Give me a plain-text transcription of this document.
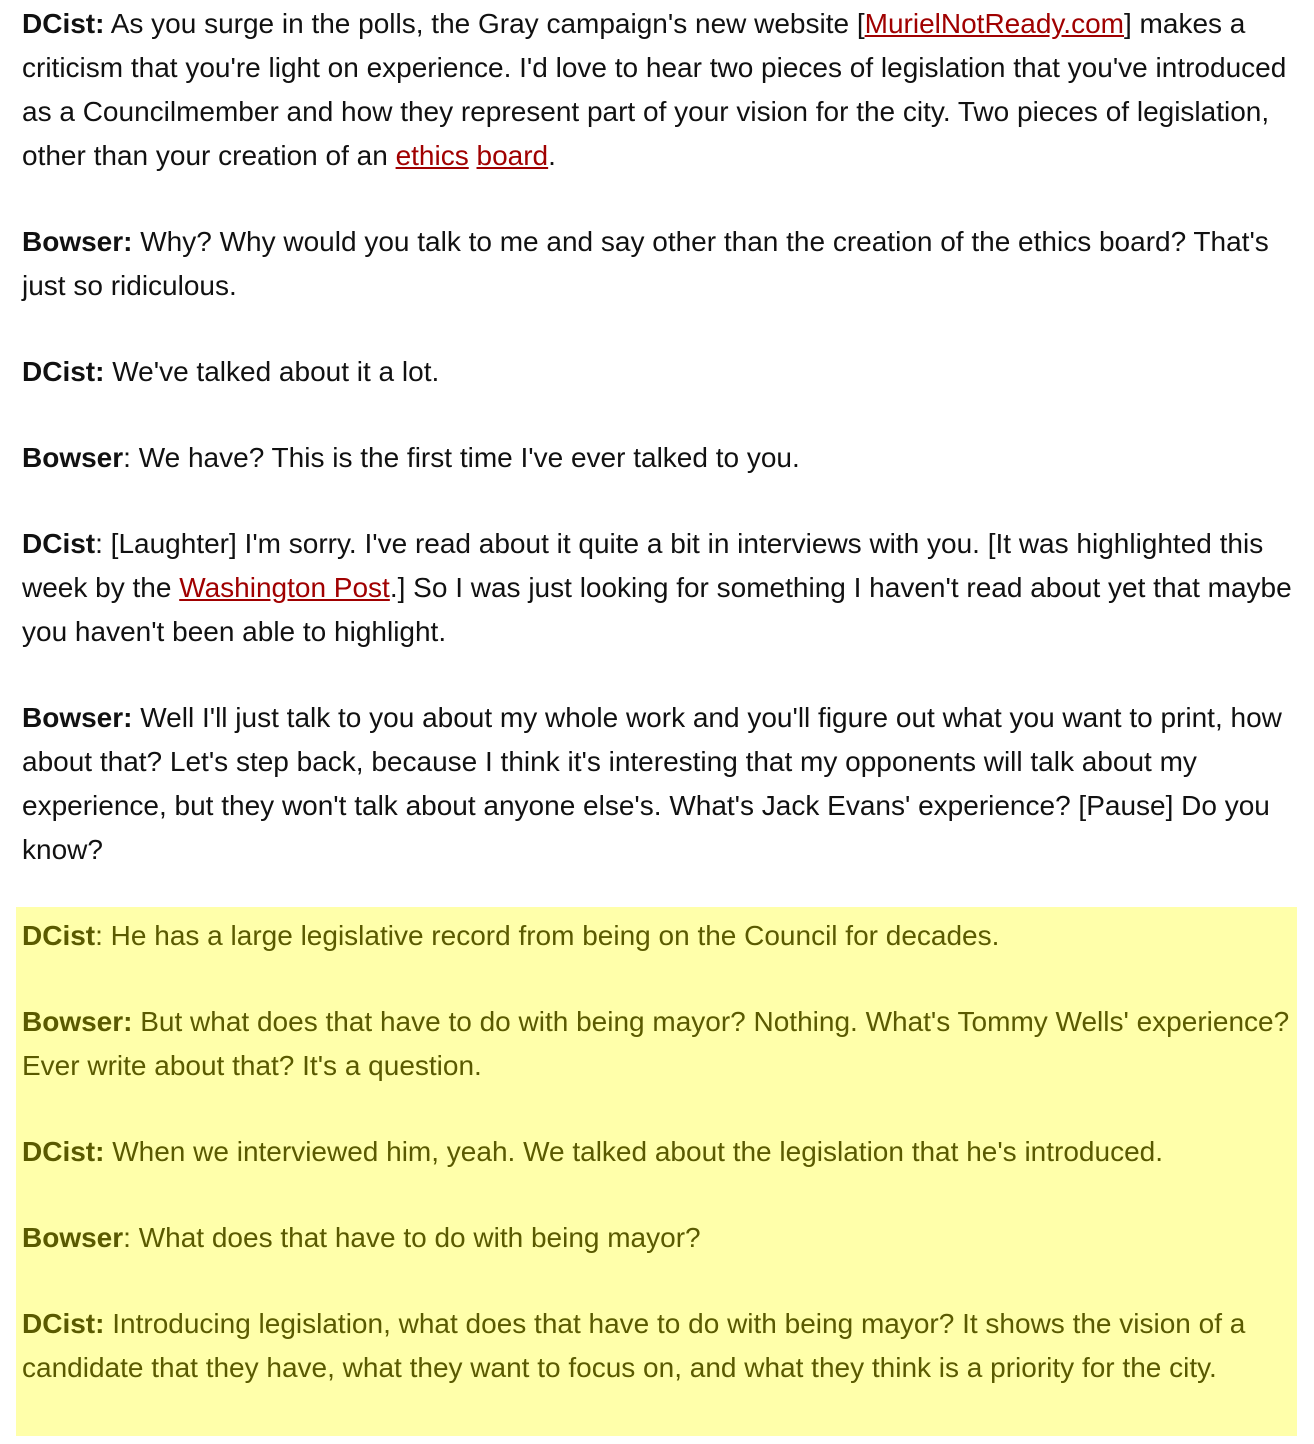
DCist: As you surge in the polls, the Gray campaign's new website [MurielNotReady.com] makes a criticism that you're light on experience. I'd love to hear two pieces of legislation that you've introduced as a Councilmember and how they represent part of your vision for the city. Two pieces of legislation, other than your creation of an ethics board.

Bowser: Why? Why would you talk to me and say other than the creation of the ethics board? That's just so ridiculous.

DCist: We've talked about it a lot.

Bowser: We have? This is the first time I've ever talked to you.

DCist: [Laughter] I'm sorry. I've read about it quite a bit in interviews with you. [It was highlighted this week by the Washington Post.] So I was just looking for something I haven't read about yet that maybe you haven't been able to highlight.

Bowser: Well I'll just talk to you about my whole work and you'll figure out what you want to print, how about that? Let's step back, because I think it's interesting that my opponents will talk about my experience, but they won't talk about anyone else's. What's Jack Evans' experience? [Pause] Do you know?

DCist: He has a large legislative record from being on the Council for decades.

Bowser: But what does that have to do with being mayor? Nothing. What's Tommy Wells' experience? Ever write about that? It's a question.

DCist: When we interviewed him, yeah. We talked about the legislation that he's introduced.

Bowser: What does that have to do with being mayor?

DCist: Introducing legislation, what does that have to do with being mayor? It shows the vision of a candidate that they have, what they want to focus on, and what they think is a priority for the city.
